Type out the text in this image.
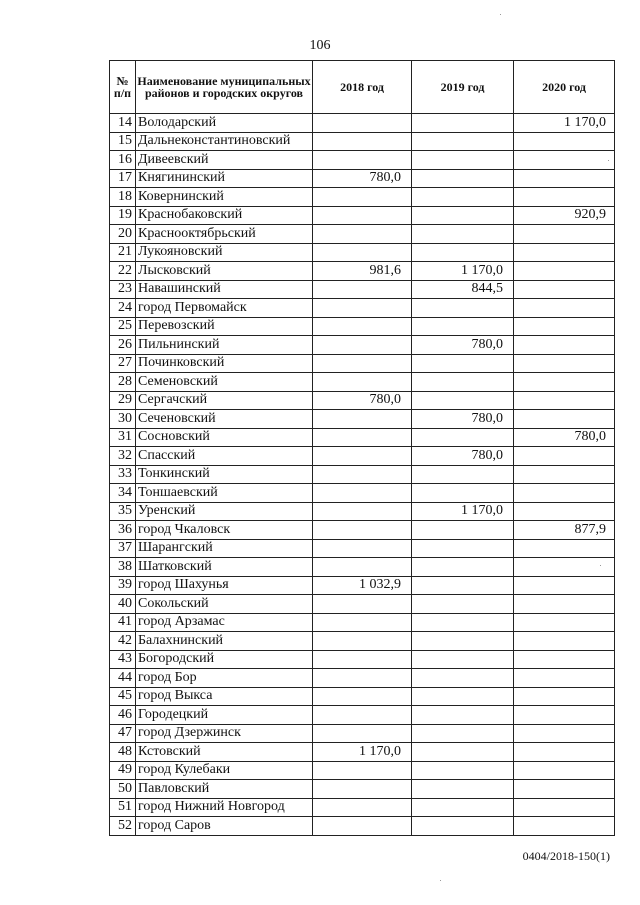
106
№ п/п	Наименование муниципальных районов и городских округов	2018 год	2019 год	2020 год
14	Володарский			1 170,0
15	Дальнеконстантиновский			
16	Дивеевский			
17	Княгининский	780,0		
18	Ковернинский			
19	Краснобаковский			920,9
20	Краснооктябрьский			
21	Лукояновский			
22	Лысковский	981,6	1 170,0	
23	Навашинский		844,5	
24	город Первомайск			
25	Перевозский			
26	Пильнинский		780,0	
27	Починковский			
28	Семеновский			
29	Сергачский	780,0		
30	Сеченовский		780,0	
31	Сосновский			780,0
32	Спасский		780,0	
33	Тонкинский			
34	Тоншаевский			
35	Уренский		1 170,0	
36	город Чкаловск			877,9
37	Шарангский			
38	Шатковский			
39	город Шахунья	1 032,9		
40	Сокольский			
41	город Арзамас			
42	Балахнинский			
43	Богородский			
44	город Бор			
45	город Выкса			
46	Городецкий			
47	город Дзержинск			
48	Кстовский	1 170,0		
49	город Кулебаки			
50	Павловский			
51	город Нижний Новгород			
52	город Саров			
0404/2018-150(1)
